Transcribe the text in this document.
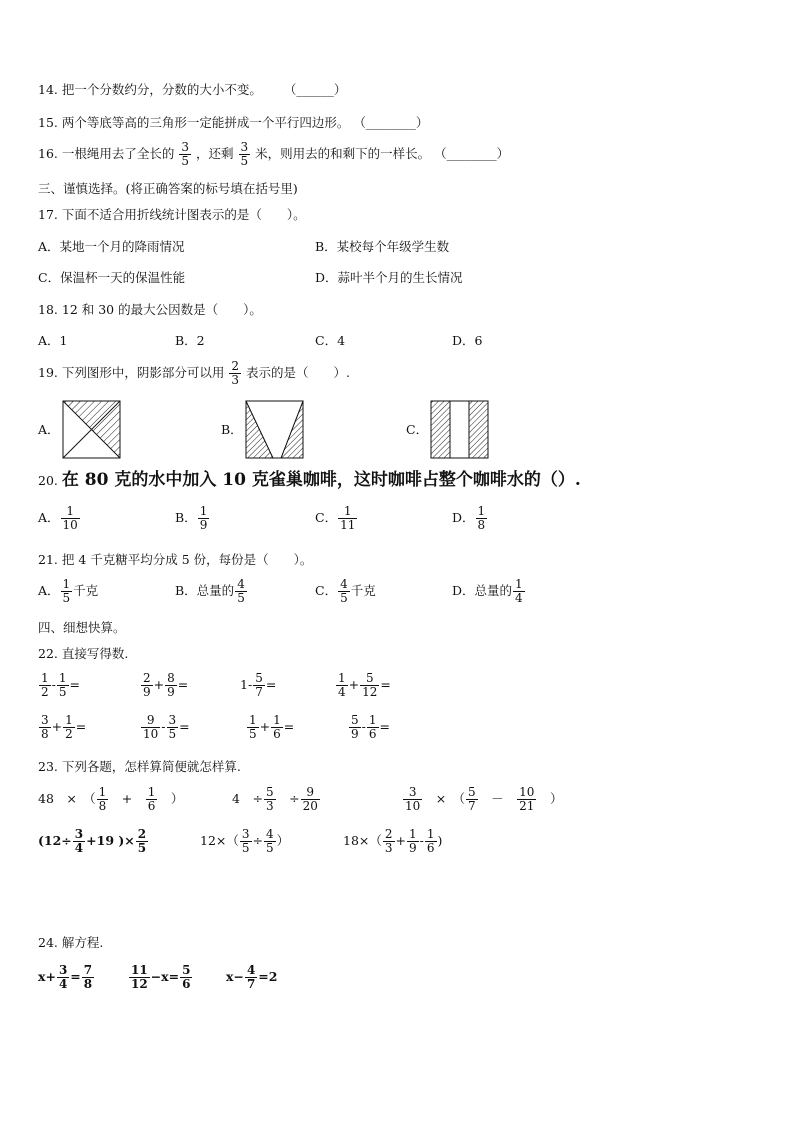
14. 把一个分数约分，分数的大小不变。 （______）
15. 两个等底等高的三角形一定能拼成一个平行四边形。 （________）
16. 一根绳用去了全长的 $\frac{3}{5}$ ，还剩 $\frac{3}{5}$ 米，则用去的和剩下的一样长。 （________）
三、谨慎选择。(将正确答案的标号填在括号里)
17. 下面不适合用折线统计图表示的是（　　）。
A．某地一个月的降雨情况	B．某校每个年级学生数
C．保温杯一天的保温性能	D．蒜叶半个月的生长情况
18. 12 和 30 的最大公因数是（　　）。
A．1	B．2	C．4	D．6
19. 下列图形中，阴影部分可以用 $\frac{2}{3}$ 表示的是（　　）.
A．	B．	C．
20. 在 80 克的水中加入 10 克雀巢咖啡，这时咖啡占整个咖啡水的（）.
A． $\frac{1}{10}$	B． $\frac{1}{9}$	C． $\frac{1}{11}$	D． $\frac{1}{8}$
21. 把 4 千克糖平均分成 5 份，每份是（　　）。
A． $\frac{1}{5}$ 千克	B．总量的 $\frac{4}{5}$	C． $\frac{4}{5}$ 千克	D．总量的 $\frac{1}{4}$
四、细想快算。
22. 直接写得数.
$\frac{1}{2} - \frac{1}{5}$ =	$\frac{2}{9} + \frac{8}{9}$ =	$1- \frac{5}{7}$ =	$\frac{1}{4} + \frac{5}{12}$ =
$\frac{3}{8} + \frac{1}{2}$ =	$\frac{9}{10} - \frac{3}{5}$ =	$\frac{1}{5} + \frac{1}{6}$ =	$\frac{5}{9} - \frac{1}{6}$ =
23. 下列各题，怎样算简便就怎样算.
48　×　（ $\frac{1}{8}$ 　+　 $\frac{1}{6}$ 　）	4　÷ $\frac{5}{3}$ 　÷ $\frac{9}{20}$	$\frac{3}{10}$ 　×　（ $\frac{5}{7}$ 　－　 $\frac{10}{21}$ 　）
($12\div \frac{3}{4} +19$ )× $\frac{2}{5}$	$12\times( \frac{3}{5} \div \frac{4}{5}$ ）	$18\times( \frac{2}{3} + \frac{1}{9} - \frac{1}{6}$ )
24. 解方程.
$x+ \frac{3}{4} = \frac{7}{8}$	$\frac{11}{12} -x= \frac{5}{6}$	$x- \frac{4}{7} =2$
